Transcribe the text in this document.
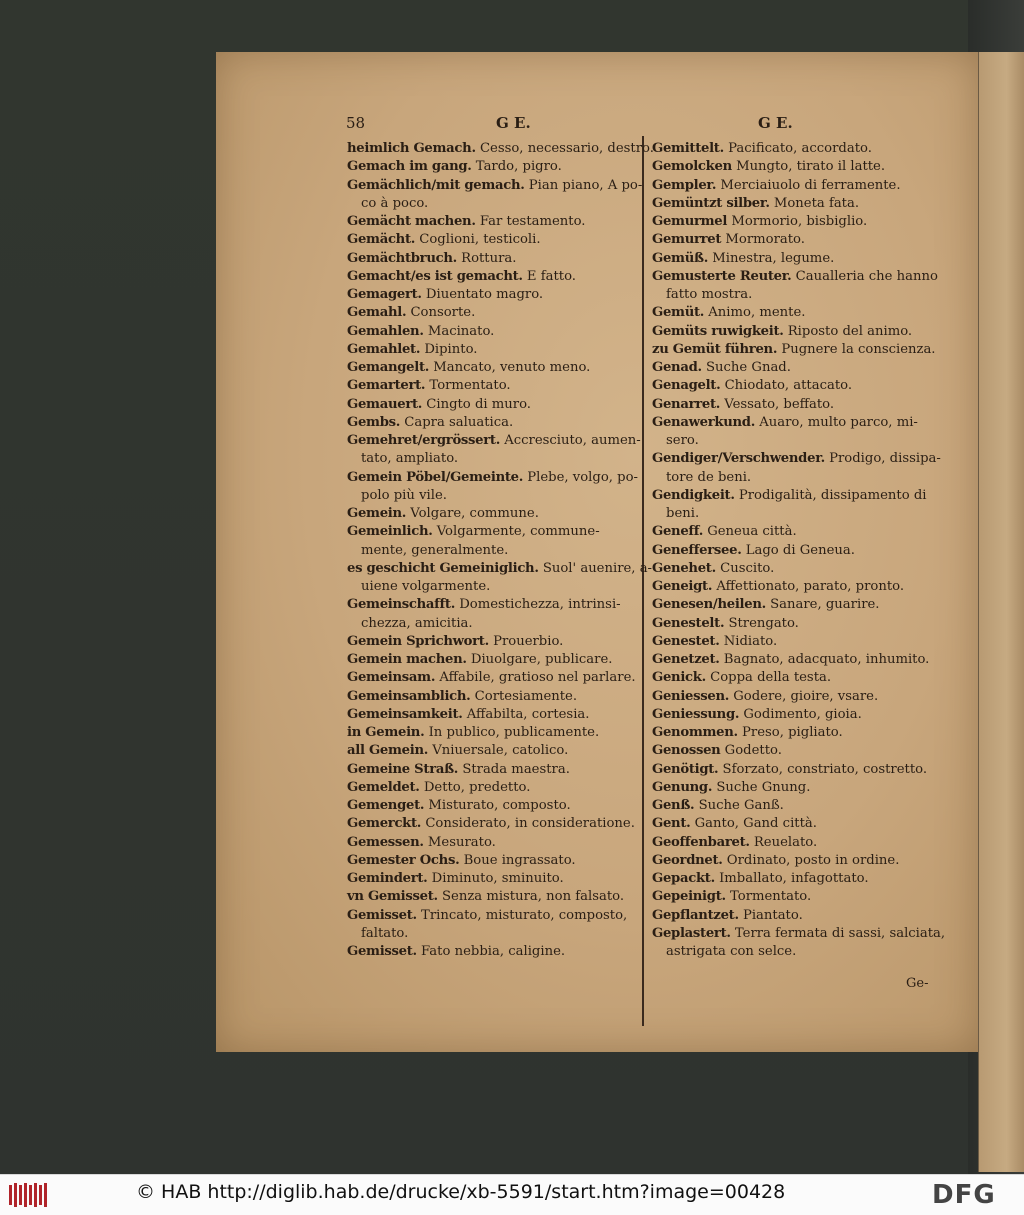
58	G E.	G E.
heimlich Gemach. Cesso, necessario, destro.
Gemach im gang. Tardo, pigro.
Gemächlich/mit gemach. Pian piano, A po-
co à poco.
Gemächt machen. Far testamento.
Gemächt. Coglioni, testicoli.
Gemächtbruch. Rottura.
Gemacht/es ist gemacht. E fatto.
Gemagert. Diuentato magro.
Gemahl. Consorte.
Gemahlen. Macinato.
Gemahlet. Dipinto.
Gemangelt. Mancato, venuto meno.
Gemartert. Tormentato.
Gemauert. Cingto di muro.
Gembs. Capra saluatica.
Gemehret/ergrössert. Accresciuto, aumen-
tato, ampliato.
Gemein Pöbel/Gemeinte. Plebe, volgo, po-
polo più vile.
Gemein. Volgare, commune.
Gemeinlich. Volgarmente, commune-
mente, generalmente.
es geschicht Gemeiniglich. Suol' auenire, a-
uiene volgarmente.
Gemeinschafft. Domestichezza, intrinsi-
chezza, amicitia.
Gemein Sprichwort. Prouerbio.
Gemein machen. Diuolgare, publicare.
Gemeinsam. Affabile, gratioso nel parlare.
Gemeinsamblich. Cortesiamente.
Gemeinsamkeit. Affabilta, cortesia.
in Gemein. In publico, publicamente.
all Gemein. Vniuersale, catolico.
Gemeine Straß. Strada maestra.
Gemeldet. Detto, predetto.
Gemenget. Misturato, composto.
Gemerckt. Considerato, in consideratione.
Gemessen. Mesurato.
Gemester Ochs. Boue ingrassato.
Gemindert. Diminuto, sminuito.
vn Gemisset. Senza mistura, non falsato.
Gemisset. Trincato, misturato, composto,
faltato.
Gemisset. Fato nebbia, caligine.
Gemittelt. Pacificato, accordato.
Gemolcken Mungto, tirato il latte.
Gempler. Merciaiuolo di ferramente.
Gemüntzt silber. Moneta fata.
Gemurmel Mormorio, bisbiglio.
Gemurret Mormorato.
Gemüß. Minestra, legume.
Gemusterte Reuter. Caualleria che hanno
fatto mostra.
Gemüt. Animo, mente.
Gemüts ruwigkeit. Riposto del animo.
zu Gemüt führen. Pugnere la conscienza.
Genad. Suche Gnad.
Genagelt. Chiodato, attacato.
Genarret. Vessato, beffato.
Genawerkund. Auaro, multo parco, mi-
sero.
Gendiger/Verschwender. Prodigo, dissipa-
tore de beni.
Gendigkeit. Prodigalità, dissipamento di
beni.
Geneff. Geneua città.
Geneffersee. Lago di Geneua.
Genehet. Cuscito.
Geneigt. Affettionato, parato, pronto.
Genesen/heilen. Sanare, guarire.
Genestelt. Strengato.
Genestet. Nidiato.
Genetzet. Bagnato, adacquato, inhumito.
Genick. Coppa della testa.
Geniessen. Godere, gioire, vsare.
Geniessung. Godimento, gioia.
Genommen. Preso, pigliato.
Genossen Godetto.
Genötigt. Sforzato, constriato, costretto.
Genung. Suche Gnung.
Genß. Suche Ganß.
Gent. Ganto, Gand città.
Geoffenbaret. Reuelato.
Geordnet. Ordinato, posto in ordine.
Gepackt. Imballato, infagottato.
Gepeinigt. Tormentato.
Gepflantzet. Piantato.
Geplastert. Terra fermata di sassi, salciata,
astrigata con selce.
Ge-
© HAB http://diglib.hab.de/drucke/xb-5591/start.htm?image=00428	DFG
